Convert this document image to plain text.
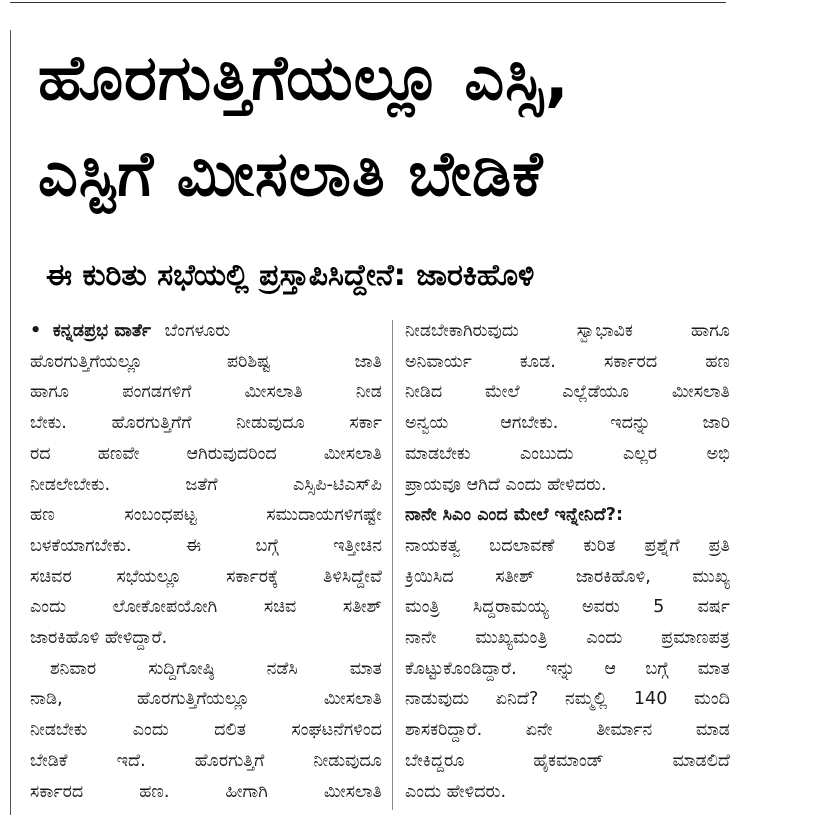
ಹೊರಗುತ್ತಿಗೆಯಲ್ಲೂ ಎಸ್ಸಿ,
ಎಸ್ಟಿಗೆ ಮೀಸಲಾತಿ ಬೇಡಿಕೆ
ಈ ಕುರಿತು ಸಭೆಯಲ್ಲಿ ಪ್ರಸ್ತಾಪಿಸಿದ್ದೇನೆ: ಜಾರಕಿಹೊಳಿ
• ಕನ್ನಡಪ್ರಭ ವಾರ್ತೆ ಬೆಂಗಳೂರು
ಹೊರಗುತ್ತಿಗೆಯಲ್ಲೂ ಪರಿಶಿಷ್ಟ ಜಾತಿ
ಹಾಗೂ ಪಂಗಡಗಳಿಗೆ ಮೀಸಲಾತಿ ನೀಡ
ಬೇಕು. ಹೊರಗುತ್ತಿಗೆಗೆ ನೀಡುವುದೂ ಸರ್ಕಾ
ರದ ಹಣವೇ ಆಗಿರುವುದರಿಂದ ಮೀಸಲಾತಿ
ನೀಡಲೇಬೇಕು. ಜತೆಗೆ ಎಸ್ಸಿಪಿ-ಟಿಎಸ್‌ಪಿ
ಹಣ ಸಂಬಂಧಪಟ್ಟ ಸಮುದಾಯಗಳಿಗಷ್ಟೇ
ಬಳಕೆಯಾಗಬೇಕು. ಈ ಬಗ್ಗೆ ಇತ್ತೀಚಿನ
ಸಚಿವರ ಸಭೆಯಲ್ಲೂ ಸರ್ಕಾರಕ್ಕೆ ತಿಳಿಸಿದ್ದೇವೆ
ಎಂದು ಲೋಕೋಪಯೋಗಿ ಸಚಿವ ಸತೀಶ್
ಜಾರಕಿಹೊಳಿ ಹೇಳಿದ್ದಾರೆ.
ಶನಿವಾರ ಸುದ್ದಿಗೋಷ್ಠಿ ನಡೆಸಿ ಮಾತ
ನಾಡಿ, ಹೊರಗುತ್ತಿಗೆಯಲ್ಲೂ ಮೀಸಲಾತಿ
ನೀಡಬೇಕು ಎಂದು ದಲಿತ ಸಂಘಟನೆಗಳಿಂದ
ಬೇಡಿಕೆ ಇದೆ. ಹೊರಗುತ್ತಿಗೆ ನೀಡುವುದೂ
ಸರ್ಕಾರದ ಹಣ. ಹೀಗಾಗಿ ಮೀಸಲಾತಿ
ನೀಡಬೇಕಾಗಿರುವುದು ಸ್ವಾಭಾವಿಕ ಹಾಗೂ
ಅನಿವಾರ್ಯ ಕೂಡ. ಸರ್ಕಾರದ ಹಣ
ನೀಡಿದ ಮೇಲೆ ಎಲ್ಲೆಡೆಯೂ ಮೀಸಲಾತಿ
ಅನ್ವಯ ಆಗಬೇಕು. ಇದನ್ನು ಜಾರಿ
ಮಾಡಬೇಕು ಎಂಬುದು ಎಲ್ಲರ ಅಭಿ
ಪ್ರಾಯವೂ ಆಗಿದೆ ಎಂದು ಹೇಳಿದರು.
ನಾನೇ ಸಿಎಂ ಎಂದ ಮೇಲೆ ಇನ್ನೇನಿದೆ?:
ನಾಯಕತ್ವ ಬದಲಾವಣೆ ಕುರಿತ ಪ್ರಶ್ನೆಗೆ ಪ್ರತಿ
ಕ್ರಿಯಿಸಿದ ಸತೀಶ್ ಜಾರಕಿಹೊಳಿ, ಮುಖ್ಯ
ಮಂತ್ರಿ ಸಿದ್ದರಾಮಯ್ಯ ಅವರು 5 ವರ್ಷ
ನಾನೇ ಮುಖ್ಯಮಂತ್ರಿ ಎಂದು ಪ್ರಮಾಣಪತ್ರ
ಕೊಟ್ಟುಕೊಂಡಿದ್ದಾರೆ. ಇನ್ನು ಆ ಬಗ್ಗೆ ಮಾತ
ನಾಡುವುದು ಏನಿದೆ? ನಮ್ಮಲ್ಲಿ 140 ಮಂದಿ
ಶಾಸಕರಿದ್ದಾರೆ. ಏನೇ ತೀರ್ಮಾನ ಮಾಡ
ಬೇಕಿದ್ದರೂ ಹೈಕಮಾಂಡ್ ಮಾಡಲಿದೆ
ಎಂದು ಹೇಳಿದರು.
